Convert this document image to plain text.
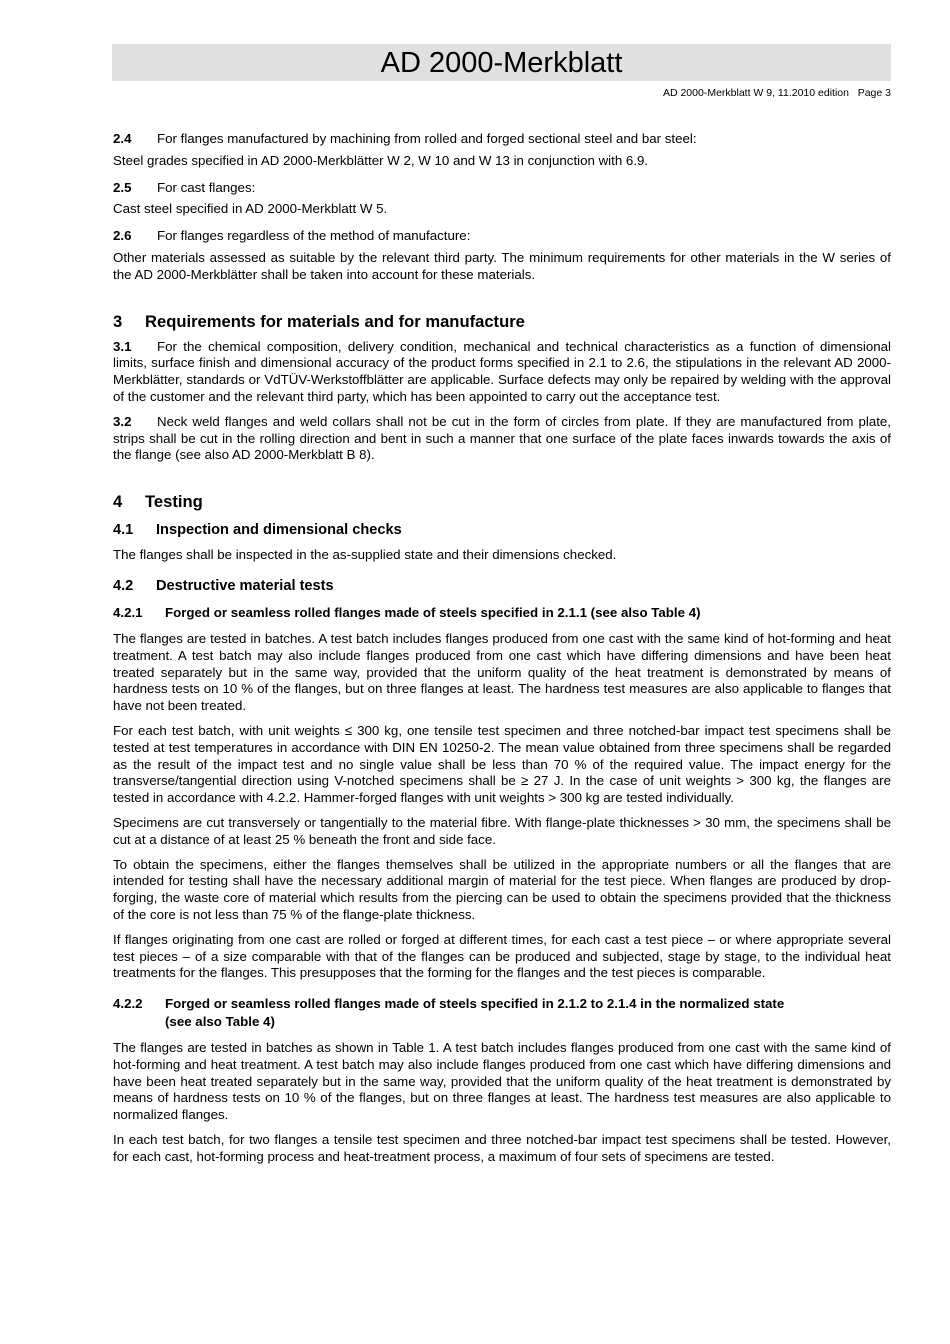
AD 2000-Merkblatt
AD 2000-Merkblatt W 9, 11.2010 edition   Page 3

2.4 For flanges manufactured by machining from rolled and forged sectional steel and bar steel:

Steel grades specified in AD 2000-Merkblätter W 2, W 10 and W 13 in conjunction with 6.9.

2.5 For cast flanges:

Cast steel specified in AD 2000-Merkblatt W 5.

2.6 For flanges regardless of the method of manufacture:

Other materials assessed as suitable by the relevant third party. The minimum requirements for other materials in the W series of the AD 2000-Merkblätter shall be taken into account for these materials.

3 Requirements for materials and for manufacture

3.1 For the chemical composition, delivery condition, mechanical and technical characteristics as a function of dimensional limits, surface finish and dimensional accuracy of the product forms specified in 2.1 to 2.6, the stipulations in the relevant AD 2000-Merkblätter, standards or VdTÜV-Werkstoffblätter are applicable. Surface defects may only be repaired by welding with the approval of the customer and the relevant third party, which has been appointed to carry out the acceptance test.

3.2 Neck weld flanges and weld collars shall not be cut in the form of circles from plate. If they are manufactured from plate, strips shall be cut in the rolling direction and bent in such a manner that one surface of the plate faces inwards towards the axis of the flange (see also AD 2000-Merkblatt B 8).

4 Testing

4.1 Inspection and dimensional checks

The flanges shall be inspected in the as-supplied state and their dimensions checked.

4.2 Destructive material tests

4.2.1 Forged or seamless rolled flanges made of steels specified in 2.1.1 (see also Table 4)

The flanges are tested in batches. A test batch includes flanges produced from one cast with the same kind of hot-forming and heat treatment. A test batch may also include flanges produced from one cast which have differing dimensions and have been heat treated separately but in the same way, provided that the uniform quality of the heat treatment is demonstrated by means of hardness tests on 10 % of the flanges, but on three flanges at least. The hardness test measures are also applicable to flanges that have not been treated.

For each test batch, with unit weights ≤ 300 kg, one tensile test specimen and three notched-bar impact test specimens shall be tested at test temperatures in accordance with DIN EN 10250-2. The mean value obtained from three specimens shall be regarded as the result of the impact test and no single value shall be less than 70 % of the required value. The impact energy for the transverse/tangential direction using V-notched specimens shall be ≥ 27 J. In the case of unit weights > 300 kg, the flanges are tested in accordance with 4.2.2. Hammer-forged flanges with unit weights > 300 kg are tested individually.

Specimens are cut transversely or tangentially to the material fibre. With flange-plate thicknesses > 30 mm, the specimens shall be cut at a distance of at least 25 % beneath the front and side face.

To obtain the specimens, either the flanges themselves shall be utilized in the appropriate numbers or all the flanges that are intended for testing shall have the necessary additional margin of material for the test piece. When flanges are produced by drop-forging, the waste core of material which results from the piercing can be used to obtain the specimens provided that the thickness of the core is not less than 75 % of the flange-plate thickness.

If flanges originating from one cast are rolled or forged at different times, for each cast a test piece – or where appropriate several test pieces – of a size comparable with that of the flanges can be produced and subjected, stage by stage, to the individual heat treatments for the flanges. This presupposes that the forming for the flanges and the test pieces is comparable.

4.2.2 Forged or seamless rolled flanges made of steels specified in 2.1.2 to 2.1.4 in the normalized state
(see also Table 4)

The flanges are tested in batches as shown in Table 1. A test batch includes flanges produced from one cast with the same kind of hot-forming and heat treatment. A test batch may also include flanges produced from one cast which have differing dimensions and have been heat treated separately but in the same way, provided that the uniform quality of the heat treatment is demonstrated by means of hardness tests on 10 % of the flanges, but on three flanges at least. The hardness test measures are also applicable to normalized flanges.

In each test batch, for two flanges a tensile test specimen and three notched-bar impact test specimens shall be tested. However, for each cast, hot-forming process and heat-treatment process, a maximum of four sets of specimens are tested.
